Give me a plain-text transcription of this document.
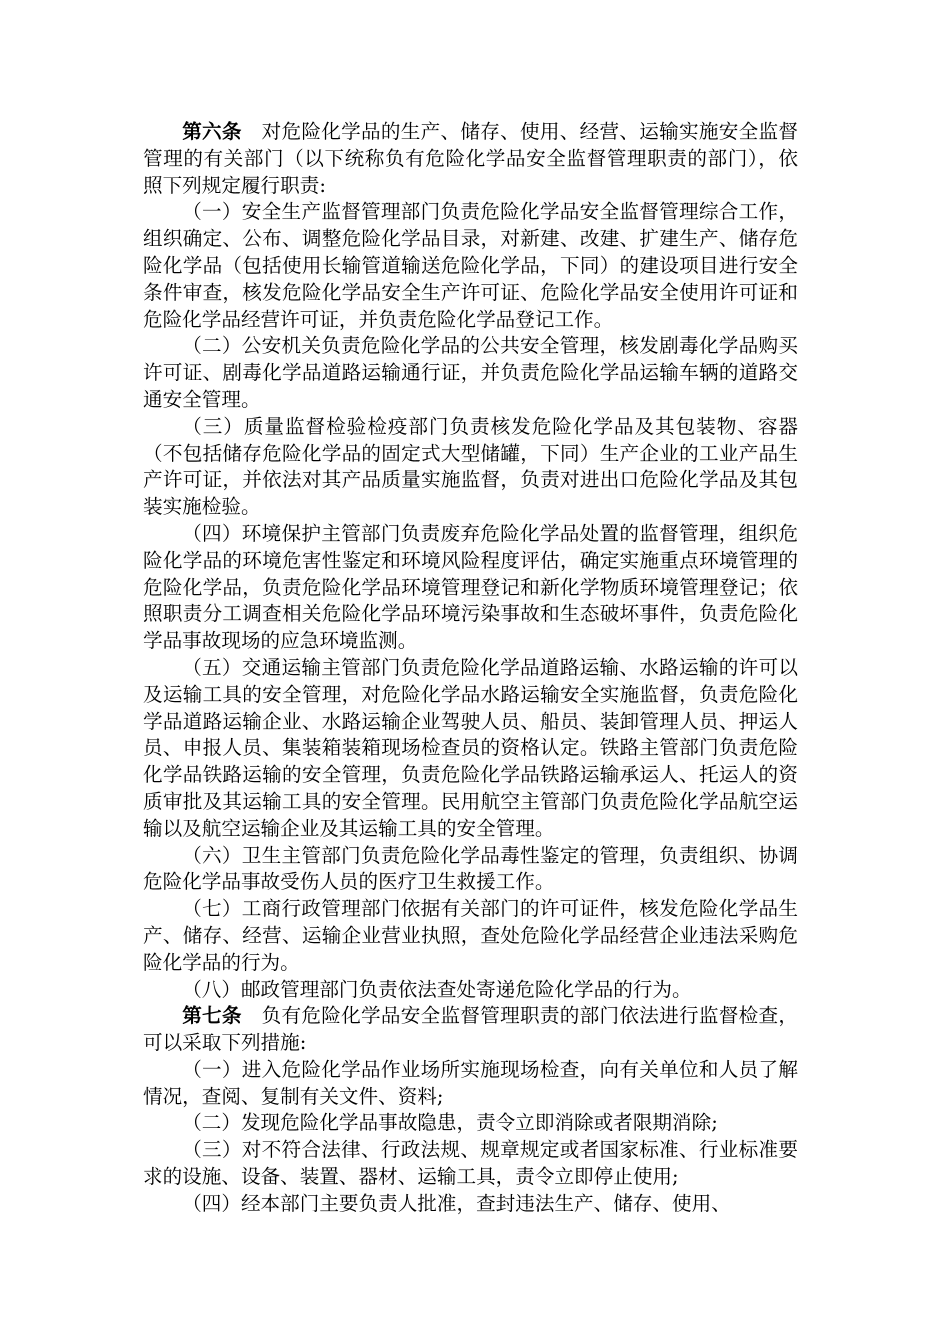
第六条 对危险化学品的生产、储存、使用、经营、运输实施安全监督管理的有关部门（以下统称负有危险化学品安全监督管理职责的部门），依照下列规定履行职责:

（一）安全生产监督管理部门负责危险化学品安全监督管理综合工作，组织确定、公布、调整危险化学品目录，对新建、改建、扩建生产、储存危险化学品（包括使用长输管道输送危险化学品，下同）的建设项目进行安全条件审查，核发危险化学品安全生产许可证、危险化学品安全使用许可证和危险化学品经营许可证，并负责危险化学品登记工作。

（二）公安机关负责危险化学品的公共安全管理，核发剧毒化学品购买许可证、剧毒化学品道路运输通行证，并负责危险化学品运输车辆的道路交通安全管理。

（三）质量监督检验检疫部门负责核发危险化学品及其包装物、容器（不包括储存危险化学品的固定式大型储罐，下同）生产企业的工业产品生产许可证，并依法对其产品质量实施监督，负责对进出口危险化学品及其包装实施检验。

（四）环境保护主管部门负责废弃危险化学品处置的监督管理，组织危险化学品的环境危害性鉴定和环境风险程度评估，确定实施重点环境管理的危险化学品，负责危险化学品环境管理登记和新化学物质环境管理登记；依照职责分工调查相关危险化学品环境污染事故和生态破坏事件，负责危险化学品事故现场的应急环境监测。

（五）交通运输主管部门负责危险化学品道路运输、水路运输的许可以及运输工具的安全管理，对危险化学品水路运输安全实施监督，负责危险化学品道路运输企业、水路运输企业驾驶人员、船员、装卸管理人员、押运人员、申报人员、集装箱装箱现场检查员的资格认定。铁路主管部门负责危险化学品铁路运输的安全管理，负责危险化学品铁路运输承运人、托运人的资质审批及其运输工具的安全管理。民用航空主管部门负责危险化学品航空运输以及航空运输企业及其运输工具的安全管理。

（六）卫生主管部门负责危险化学品毒性鉴定的管理，负责组织、协调危险化学品事故受伤人员的医疗卫生救援工作。

（七）工商行政管理部门依据有关部门的许可证件，核发危险化学品生产、储存、经营、运输企业营业执照，查处危险化学品经营企业违法采购危险化学品的行为。

（八）邮政管理部门负责依法查处寄递危险化学品的行为。

第七条 负有危险化学品安全监督管理职责的部门依法进行监督检查，可以采取下列措施:

（一）进入危险化学品作业场所实施现场检查，向有关单位和人员了解情况，查阅、复制有关文件、资料;

（二）发现危险化学品事故隐患，责令立即消除或者限期消除;

（三）对不符合法律、行政法规、规章规定或者国家标准、行业标准要求的设施、设备、装置、器材、运输工具，责令立即停止使用;

（四）经本部门主要负责人批准，查封违法生产、储存、使用、
